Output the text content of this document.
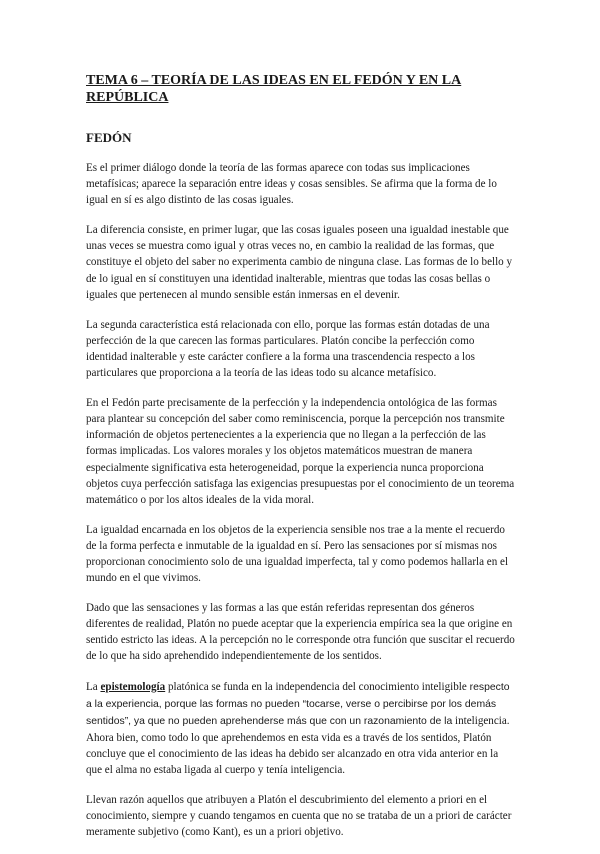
TEMA 6 – TEORÍA DE LAS IDEAS EN EL FEDÓN Y EN LA REPÚBLICA
FEDÓN

Es el primer diálogo donde la teoría de las formas aparece con todas sus implicaciones metafísicas; aparece la separación entre ideas y cosas sensibles. Se afirma que la forma de lo igual en sí es algo distinto de las cosas iguales.

La diferencia consiste, en primer lugar, que las cosas iguales poseen una igualdad inestable que unas veces se muestra como igual y otras veces no, en cambio la realidad de las formas, que constituye el objeto del saber no experimenta cambio de ninguna clase. Las formas de lo bello y de lo igual en sí constituyen una identidad inalterable, mientras que todas las cosas bellas o iguales que pertenecen al mundo sensible están inmersas en el devenir.

La segunda característica está relacionada con ello, porque las formas están dotadas de una perfección de la que carecen las formas particulares. Platón concibe la perfección como identidad inalterable y este carácter confiere a la forma una trascendencia respecto a los particulares que proporciona a la teoría de las ideas todo su alcance metafísico.

En el Fedón parte precisamente de la perfección y la independencia ontológica de las formas para plantear su concepción del saber como reminiscencia, porque la percepción nos transmite información de objetos pertenecientes a la experiencia que no llegan a la perfección de las formas implicadas. Los valores morales y los objetos matemáticos muestran de manera especialmente significativa esta heterogeneidad, porque la experiencia nunca proporciona objetos cuya perfección satisfaga las exigencias presupuestas por el conocimiento de un teorema matemático o por los altos ideales de la vida moral.

La igualdad encarnada en los objetos de la experiencia sensible nos trae a la mente el recuerdo de la forma perfecta e inmutable de la igualdad en sí. Pero las sensaciones por sí mismas nos proporcionan conocimiento solo de una igualdad imperfecta, tal y como podemos hallarla en el mundo en el que vivimos.

Dado que las sensaciones y las formas a las que están referidas representan dos géneros diferentes de realidad, Platón no puede aceptar que la experiencia empírica sea la que origine en sentido estricto las ideas. A la percepción no le corresponde otra función que suscitar el recuerdo de lo que ha sido aprehendido independientemente de los sentidos.

La epistemología platónica se funda en la independencia del conocimiento inteligible respecto a la experiencia, porque las formas no pueden “tocarse, verse o percibirse por los demás sentidos”, ya que no pueden aprehenderse más que con un razonamiento de la inteligencia. Ahora bien, como todo lo que aprehendemos en esta vida es a través de los sentidos, Platón concluye que el conocimiento de las ideas ha debido ser alcanzado en otra vida anterior en la que el alma no estaba ligada al cuerpo y tenía inteligencia.

Llevan razón aquellos que atribuyen a Platón el descubrimiento del elemento a priori en el conocimiento, siempre y cuando tengamos en cuenta que no se trataba de un a priori de carácter meramente subjetivo (como Kant), es un a priori objetivo.
